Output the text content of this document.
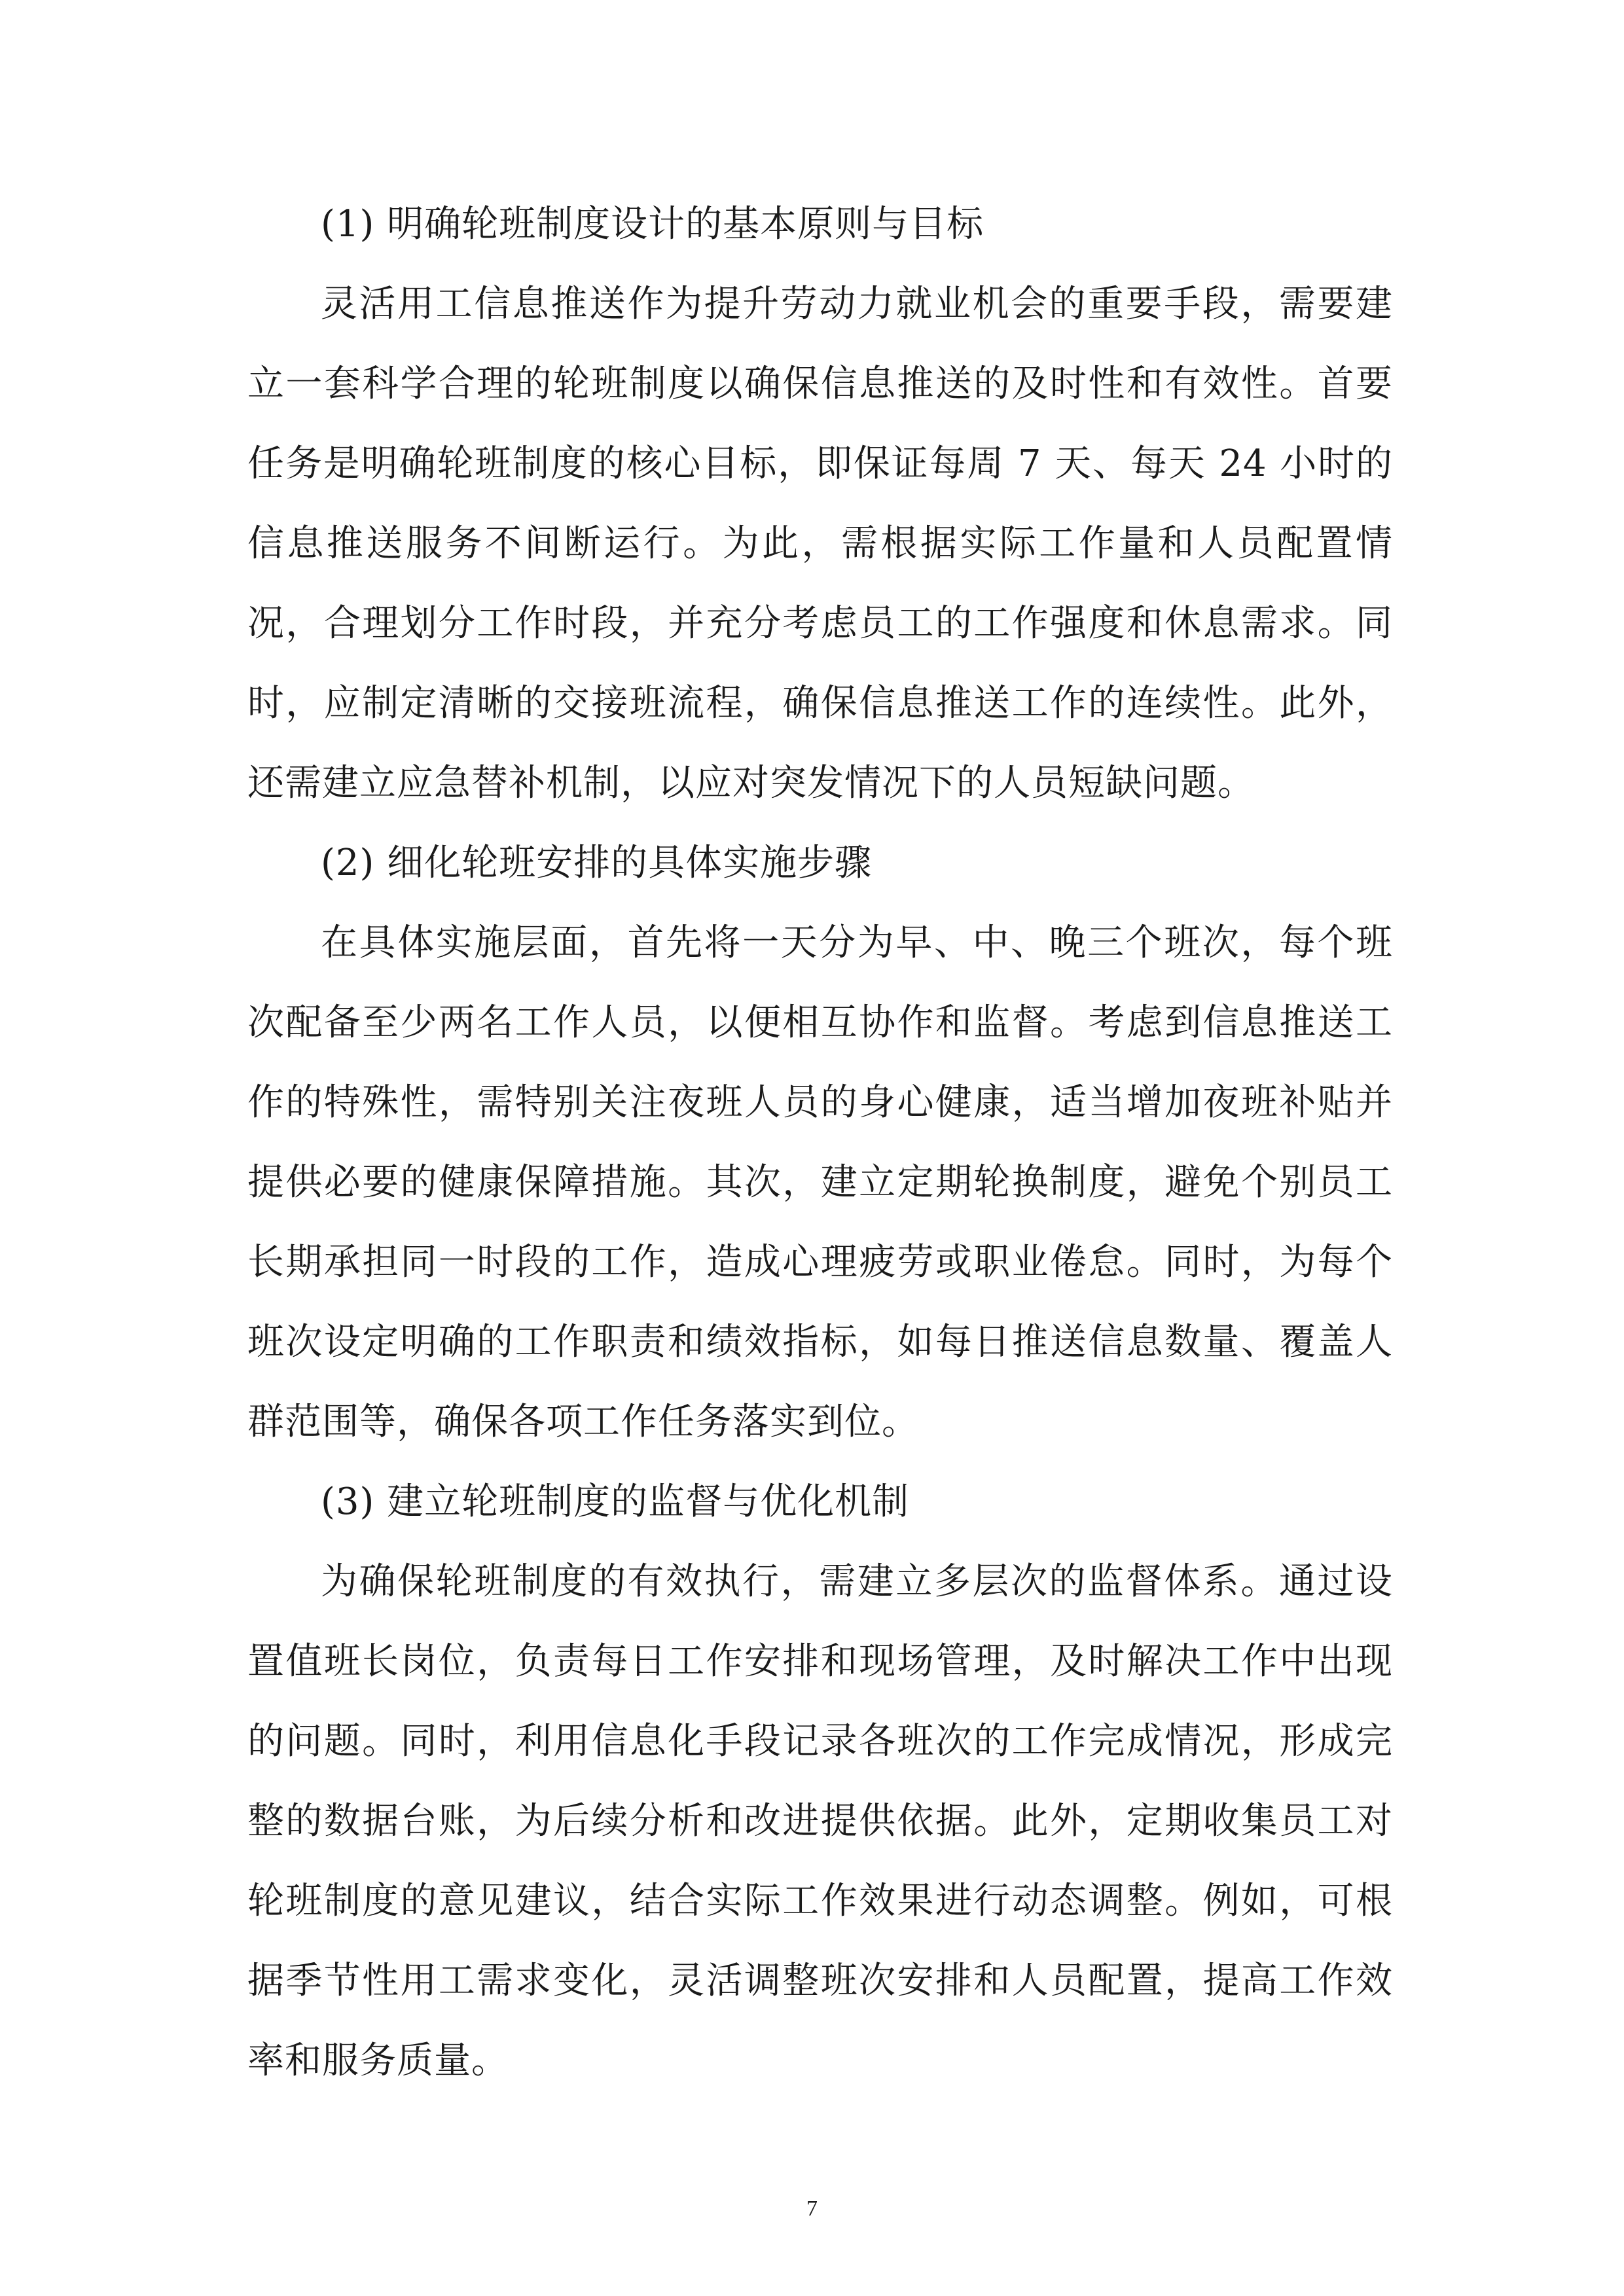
(1) 明确轮班制度设计的基本原则与目标

灵活用工信息推送作为提升劳动力就业机会的重要手段，需要建立一套科学合理的轮班制度以确保信息推送的及时性和有效性。首要任务是明确轮班制度的核心目标，即保证每周 7 天、每天 24 小时的信息推送服务不间断运行。为此，需根据实际工作量和人员配置情况，合理划分工作时段，并充分考虑员工的工作强度和休息需求。同时，应制定清晰的交接班流程，确保信息推送工作的连续性。此外，还需建立应急替补机制，以应对突发情况下的人员短缺问题。

(2) 细化轮班安排的具体实施步骤

在具体实施层面，首先将一天分为早、中、晚三个班次，每个班次配备至少两名工作人员，以便相互协作和监督。考虑到信息推送工作的特殊性，需特别关注夜班人员的身心健康，适当增加夜班补贴并提供必要的健康保障措施。其次，建立定期轮换制度，避免个别员工长期承担同一时段的工作，造成心理疲劳或职业倦怠。同时，为每个班次设定明确的工作职责和绩效指标，如每日推送信息数量、覆盖人群范围等，确保各项工作任务落实到位。

(3) 建立轮班制度的监督与优化机制

为确保轮班制度的有效执行，需建立多层次的监督体系。通过设置值班长岗位，负责每日工作安排和现场管理，及时解决工作中出现的问题。同时，利用信息化手段记录各班次的工作完成情况，形成完整的数据台账，为后续分析和改进提供依据。此外，定期收集员工对轮班制度的意见建议，结合实际工作效果进行动态调整。例如，可根据季节性用工需求变化，灵活调整班次安排和人员配置，提高工作效率和服务质量。

7
